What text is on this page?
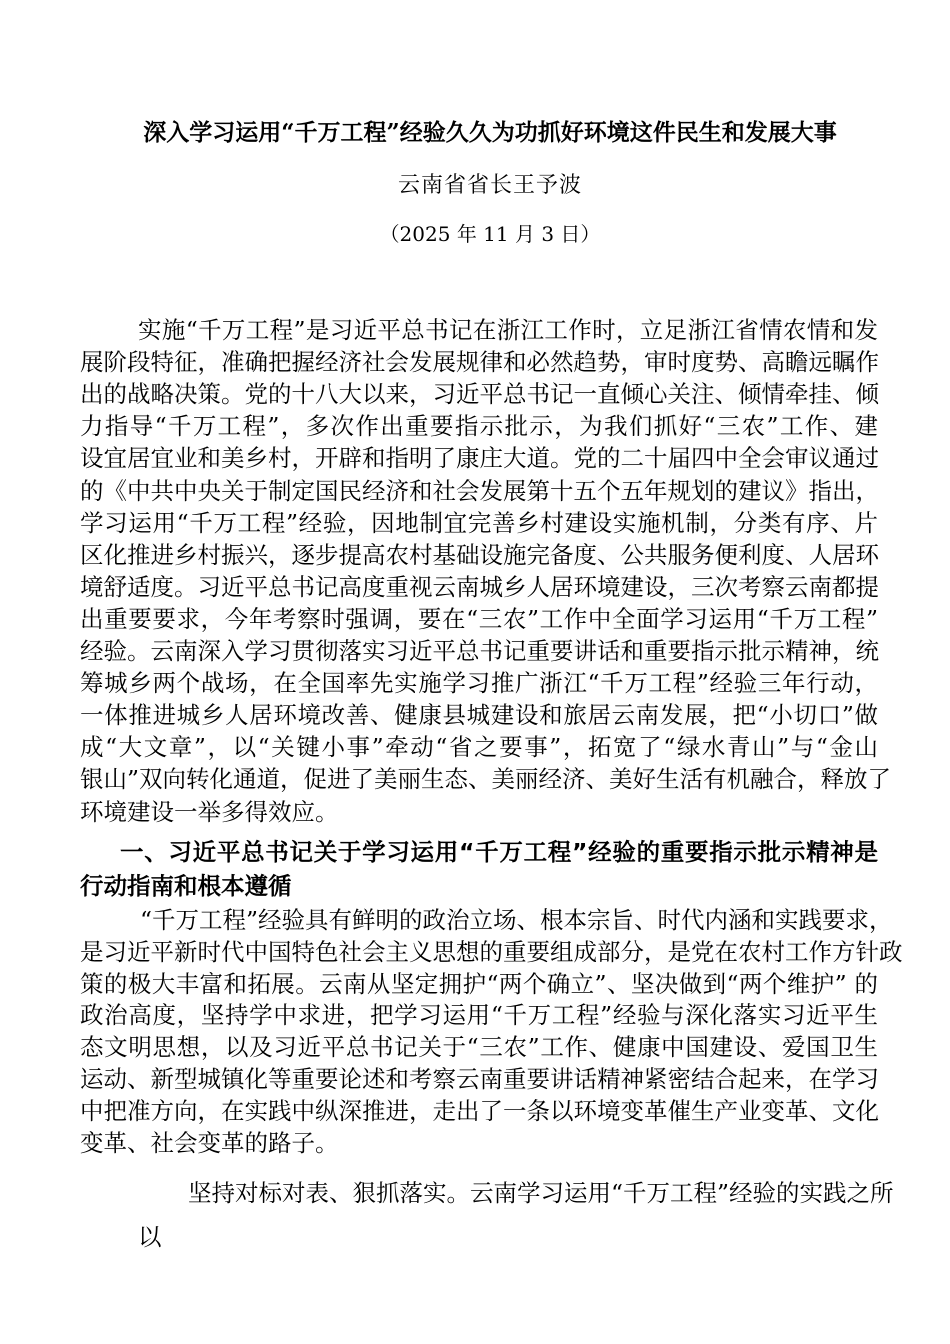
深入学习运用“千万工程”经验久久为功抓好环境这件民生和发展大事
云南省省长王予波
（2025 年 11 月 3 日）
实施“千万工程”是习近平总书记在浙江工作时，立足浙江省情农情和发
展阶段特征，准确把握经济社会发展规律和必然趋势，审时度势、高瞻远瞩作
出的战略决策。党的十八大以来，习近平总书记一直倾心关注、倾情牵挂、倾
力指导“千万工程”，多次作出重要指示批示，为我们抓好“三农”工作、建
设宜居宜业和美乡村，开辟和指明了康庄大道。党的二十届四中全会审议通过
的《中共中央关于制定国民经济和社会发展第十五个五年规划的建议》指出，
学习运用“千万工程”经验，因地制宜完善乡村建设实施机制，分类有序、片
区化推进乡村振兴，逐步提高农村基础设施完备度、公共服务便利度、人居环
境舒适度。习近平总书记高度重视云南城乡人居环境建设，三次考察云南都提
出重要要求，今年考察时强调，要在“三农”工作中全面学习运用“千万工程”
经验。云南深入学习贯彻落实习近平总书记重要讲话和重要指示批示精神，统
筹城乡两个战场，在全国率先实施学习推广浙江“千万工程”经验三年行动，
一体推进城乡人居环境改善、健康县城建设和旅居云南发展，把“小切口”做
成“大文章”，以“关键小事”牵动“省之要事”，拓宽了“绿水青山”与“金山
银山”双向转化通道，促进了美丽生态、美丽经济、美好生活有机融合，释放了
环境建设一举多得效应。
一、习近平总书记关于学习运用“千万工程”经验的重要指示批示精神是
行动指南和根本遵循
“千万工程”经验具有鲜明的政治立场、根本宗旨、时代内涵和实践要求，
是习近平新时代中国特色社会主义思想的重要组成部分，是党在农村工作方针政
策的极大丰富和拓展。云南从坚定拥护“两个确立”、坚决做到“两个维护” 的
政治高度，坚持学中求进，把学习运用“千万工程”经验与深化落实习近平生
态文明思想，以及习近平总书记关于“三农”工作、健康中国建设、爱国卫生
运动、新型城镇化等重要论述和考察云南重要讲话精神紧密结合起来，在学习
中把准方向，在实践中纵深推进，走出了一条以环境变革催生产业变革、文化
变革、社会变革的路子。
坚持对标对表、狠抓落实。云南学习运用“千万工程”经验的实践之所
以
